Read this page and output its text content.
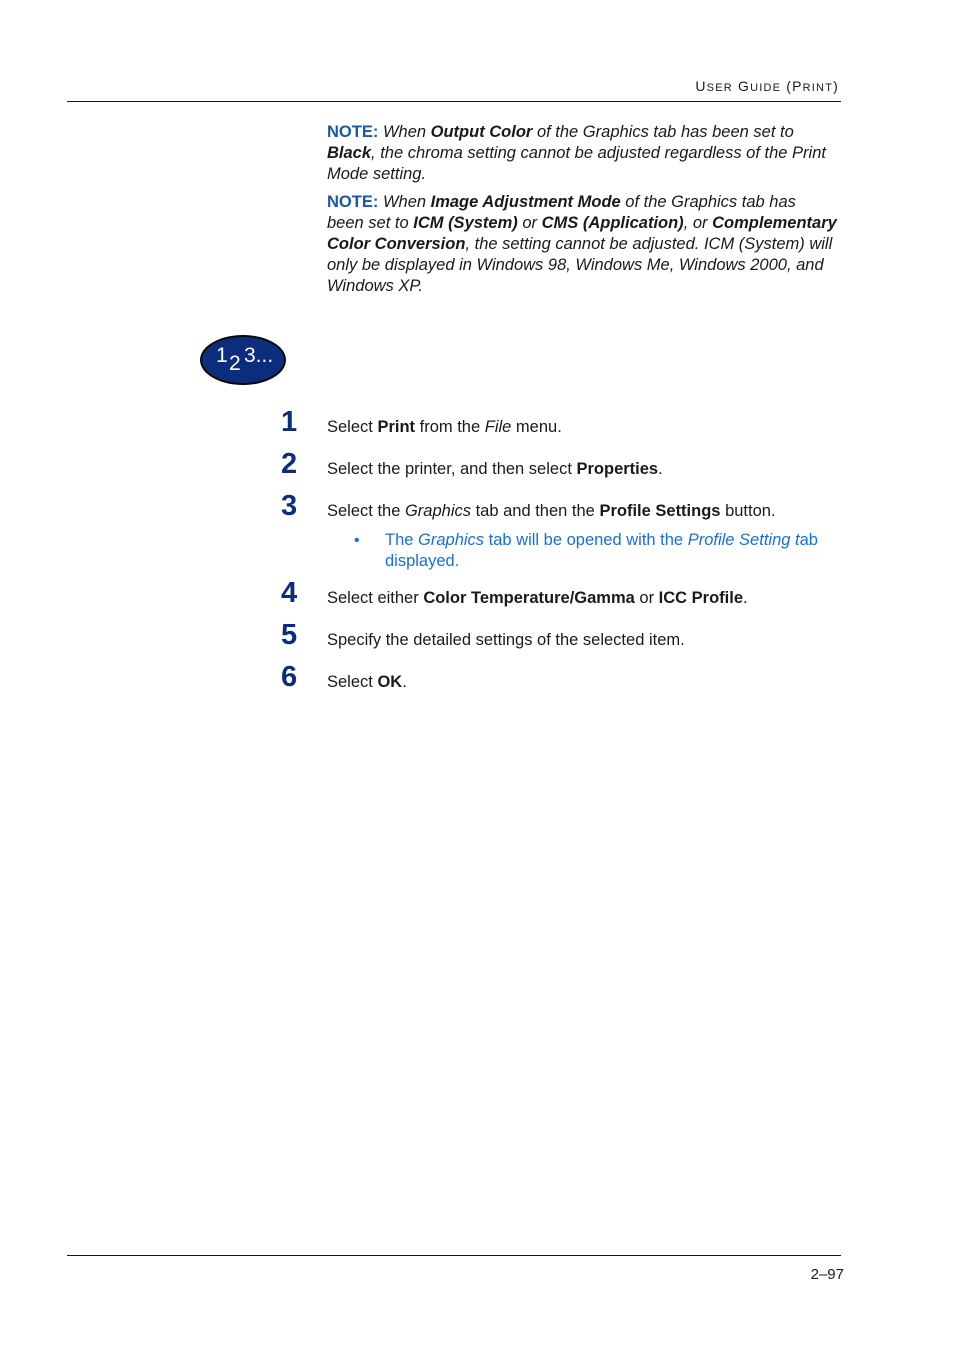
USER GUIDE (PRINT)
NOTE: When Output Color of the Graphics tab has been set to Black, the chroma setting cannot be adjusted regardless of the Print Mode setting.
NOTE: When Image Adjustment Mode of the Graphics tab has been set to ICM (System) or CMS (Application), or Complementary Color Conversion, the setting cannot be adjusted. ICM (System) will only be displayed in Windows 98, Windows Me, Windows 2000, and Windows XP.
1 2 3...
1 Select Print from the File menu.
2 Select the printer, and then select Properties.
3 Select the Graphics tab and then the Profile Settings button.
• The Graphics tab will be opened with the Profile Setting tab displayed.
4 Select either Color Temperature/Gamma or ICC Profile.
5 Specify the detailed settings of the selected item.
6 Select OK.
2–97
